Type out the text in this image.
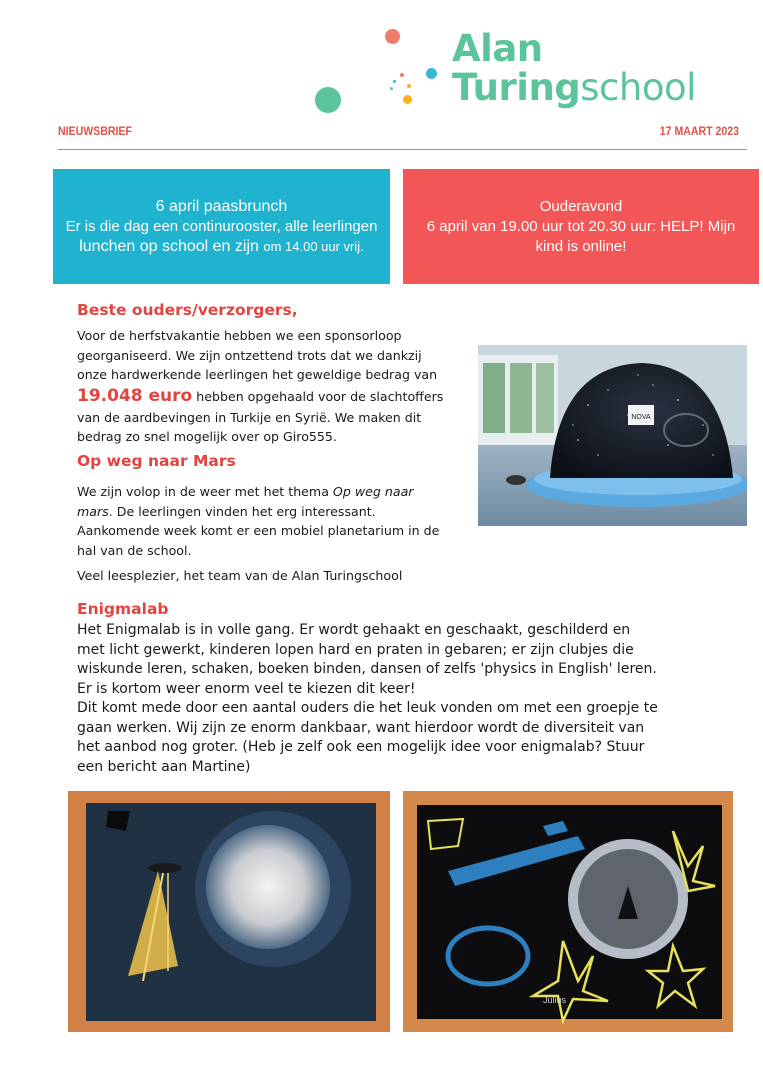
Alan
Turingschool
NIEUWSBRIEF	17 MAART 2023
6 april paasbrunch
Er is die dag een continurooster, alle leerlingen
lunchen op school en zijn om 14.00 uur vrij.
Ouderavond
6 april van 19.00 uur tot 20.30 uur: HELP! Mijn
kind is online!
Beste ouders/verzorgers,
Voor de herfstvakantie hebben we een sponsorloop
georganiseerd. We zijn ontzettend trots dat we dankzij
onze hardwerkende leerlingen het geweldige bedrag van
19.048 euro hebben opgehaald voor de slachtoffers
van de aardbevingen in Turkije en Syrië. We maken dit
bedrag zo snel mogelijk over op Giro555.
Op weg naar Mars
We zijn volop in de weer met het thema Op weg naar
mars. De leerlingen vinden het erg interessant.
Aankomende week komt er een mobiel planetarium in de
hal van de school.
Veel leesplezier, het team van de Alan Turingschool
NOVA
Enigmalab
Het Enigmalab is in volle gang. Er wordt gehaakt en geschaakt, geschilderd en
met licht gewerkt, kinderen lopen hard en praten in gebaren; er zijn clubjes die
wiskunde leren, schaken, boeken binden, dansen of zelfs 'physics in English' leren.
Er is kortom weer enorm veel te kiezen dit keer!
Dit komt mede door een aantal ouders die het leuk vonden om met een groepje te
gaan werken. Wij zijn ze enorm dankbaar, want hierdoor wordt de diversiteit van
het aanbod nog groter. (Heb je zelf ook een mogelijk idee voor enigmalab? Stuur
een bericht aan Martine)
Julius
